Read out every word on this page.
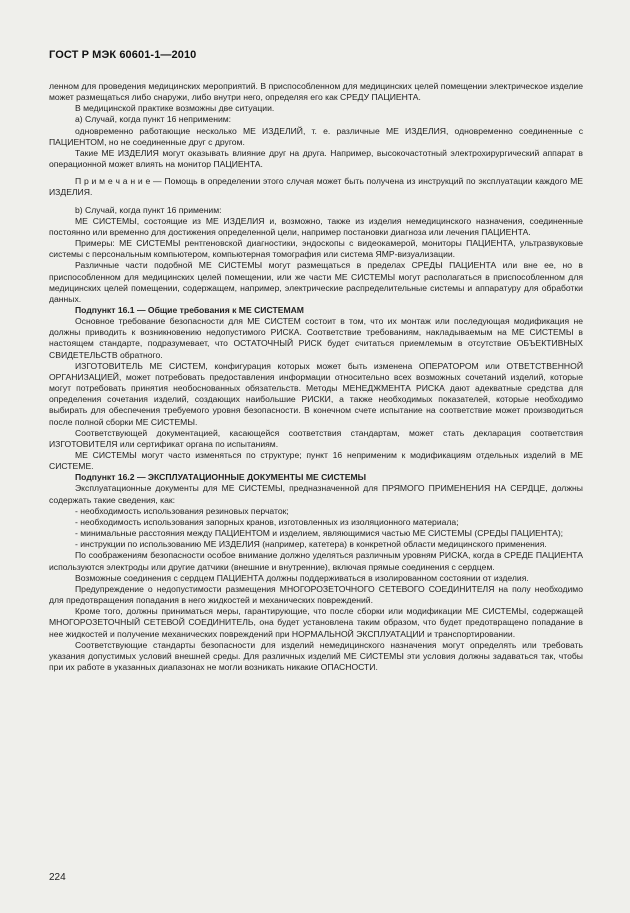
ГОСТ Р МЭК 60601-1—2010

ленном для проведения медицинских мероприятий. В приспособленном для медицинских целей помещении электрическое изделие может размещаться либо снаружи, либо внутри него, определяя его как СРЕДУ ПАЦИЕНТА.

В медицинской практике возможны две ситуации.

a) Случай, когда пункт 16 неприменим:

одновременно работающие несколько МЕ ИЗДЕЛИЙ, т. е. различные МЕ ИЗДЕЛИЯ, одновременно соединенные с ПАЦИЕНТОМ, но не соединенные друг с другом.

Такие МЕ ИЗДЕЛИЯ могут оказывать влияние друг на друга. Например, высокочастотный электрохирургический аппарат в операционной может влиять на монитор ПАЦИЕНТА.

П р и м е ч а н и е — Помощь в определении этого случая может быть получена из инструкций по эксплуатации каждого МЕ ИЗДЕЛИЯ.

b) Случай, когда пункт 16 применим:

МЕ СИСТЕМЫ, состоящие из МЕ ИЗДЕЛИЯ и, возможно, также из изделия немедицинского назначения, соединенные постоянно или временно для достижения определенной цели, например постановки диагноза или лечения ПАЦИЕНТА.

Примеры: МЕ СИСТЕМЫ рентгеновской диагностики, эндоскопы с видеокамерой, мониторы ПАЦИЕНТА, ультразвуковые системы с персональным компьютером, компьютерная томография или система ЯМР-визуализации.

Различные части подобной МЕ СИСТЕМЫ могут размещаться в пределах СРЕДЫ ПАЦИЕНТА или вне ее, но в приспособленном для медицинских целей помещении, или же части МЕ СИСТЕМЫ могут располагаться в приспособленном для медицинских целей помещении, содержащем, например, электрические распределительные системы и аппаратуру для обработки данных.

Подпункт 16.1 — Общие требования к МЕ СИСТЕМАМ

Основное требование безопасности для МЕ СИСТЕМ состоит в том, что их монтаж или последующая модификация не должны приводить к возникновению недопустимого РИСКА. Соответствие требованиям, накладываемым на МЕ СИСТЕМЫ в настоящем стандарте, подразумевает, что ОСТАТОЧНЫЙ РИСК будет считаться приемлемым в отсутствие ОБЪЕКТИВНЫХ СВИДЕТЕЛЬСТВ обратного.

ИЗГОТОВИТЕЛЬ МЕ СИСТЕМ, конфигурация которых может быть изменена ОПЕРАТОРОМ или ОТВЕТСТВЕННОЙ ОРГАНИЗАЦИЕЙ, может потребовать предоставления информации относительно всех возможных сочетаний изделий, которые могут потребовать принятия необоснованных обязательств. Методы МЕНЕДЖМЕНТА РИСКА дают адекватные средства для определения сочетания изделий, создающих наибольшие РИСКИ, а также необходимых показателей, которые необходимо выбирать для обеспечения требуемого уровня безопасности. В конечном счете испытание на соответствие может производиться после полной сборки МЕ СИСТЕМЫ.

Соответствующей документацией, касающейся соответствия стандартам, может стать декларация соответствия ИЗГОТОВИТЕЛЯ или сертификат органа по испытаниям.

МЕ СИСТЕМЫ могут часто изменяться по структуре; пункт 16 неприменим к модификациям отдельных изделий в МЕ СИСТЕМЕ.

Подпункт 16.2 — ЭКСПЛУАТАЦИОННЫЕ ДОКУМЕНТЫ МЕ СИСТЕМЫ

Эксплуатационные документы для МЕ СИСТЕМЫ, предназначенной для ПРЯМОГО ПРИМЕНЕНИЯ НА СЕРДЦЕ, должны содержать такие сведения, как:

- необходимость использования резиновых перчаток;

- необходимость использования запорных кранов, изготовленных из изоляционного материала;

- минимальные расстояния между ПАЦИЕНТОМ и изделием, являющимися частью МЕ СИСТЕМЫ (СРЕДЫ ПАЦИЕНТА);

- инструкции по использованию МЕ ИЗДЕЛИЯ (например, катетера) в конкретной области медицинского применения.

По соображениям безопасности особое внимание должно уделяться различным уровням РИСКА, когда в СРЕДЕ ПАЦИЕНТА используются электроды или другие датчики (внешние и внутренние), включая прямые соединения с сердцем.

Возможные соединения с сердцем ПАЦИЕНТА должны поддерживаться в изолированном состоянии от изделия.

Предупреждение о недопустимости размещения МНОГОРОЗЕТОЧНОГО СЕТЕВОГО СОЕДИНИТЕЛЯ на полу необходимо для предотвращения попадания в него жидкостей и механических повреждений.

Кроме того, должны приниматься меры, гарантирующие, что после сборки или модификации МЕ СИСТЕМЫ, содержащей МНОГОРОЗЕТОЧНЫЙ СЕТЕВОЙ СОЕДИНИТЕЛЬ, она будет установлена таким образом, что будет предотвращено попадание в нее жидкостей и получение механических повреждений при НОРМАЛЬНОЙ ЭКСПЛУАТАЦИИ и транспортировании.

Соответствующие стандарты безопасности для изделий немедицинского назначения могут определять или требовать указания допустимых условий внешней среды. Для различных изделий МЕ СИСТЕМЫ эти условия должны задаваться так, чтобы при их работе в указанных диапазонах не могли возникать никакие ОПАСНОСТИ.

224
